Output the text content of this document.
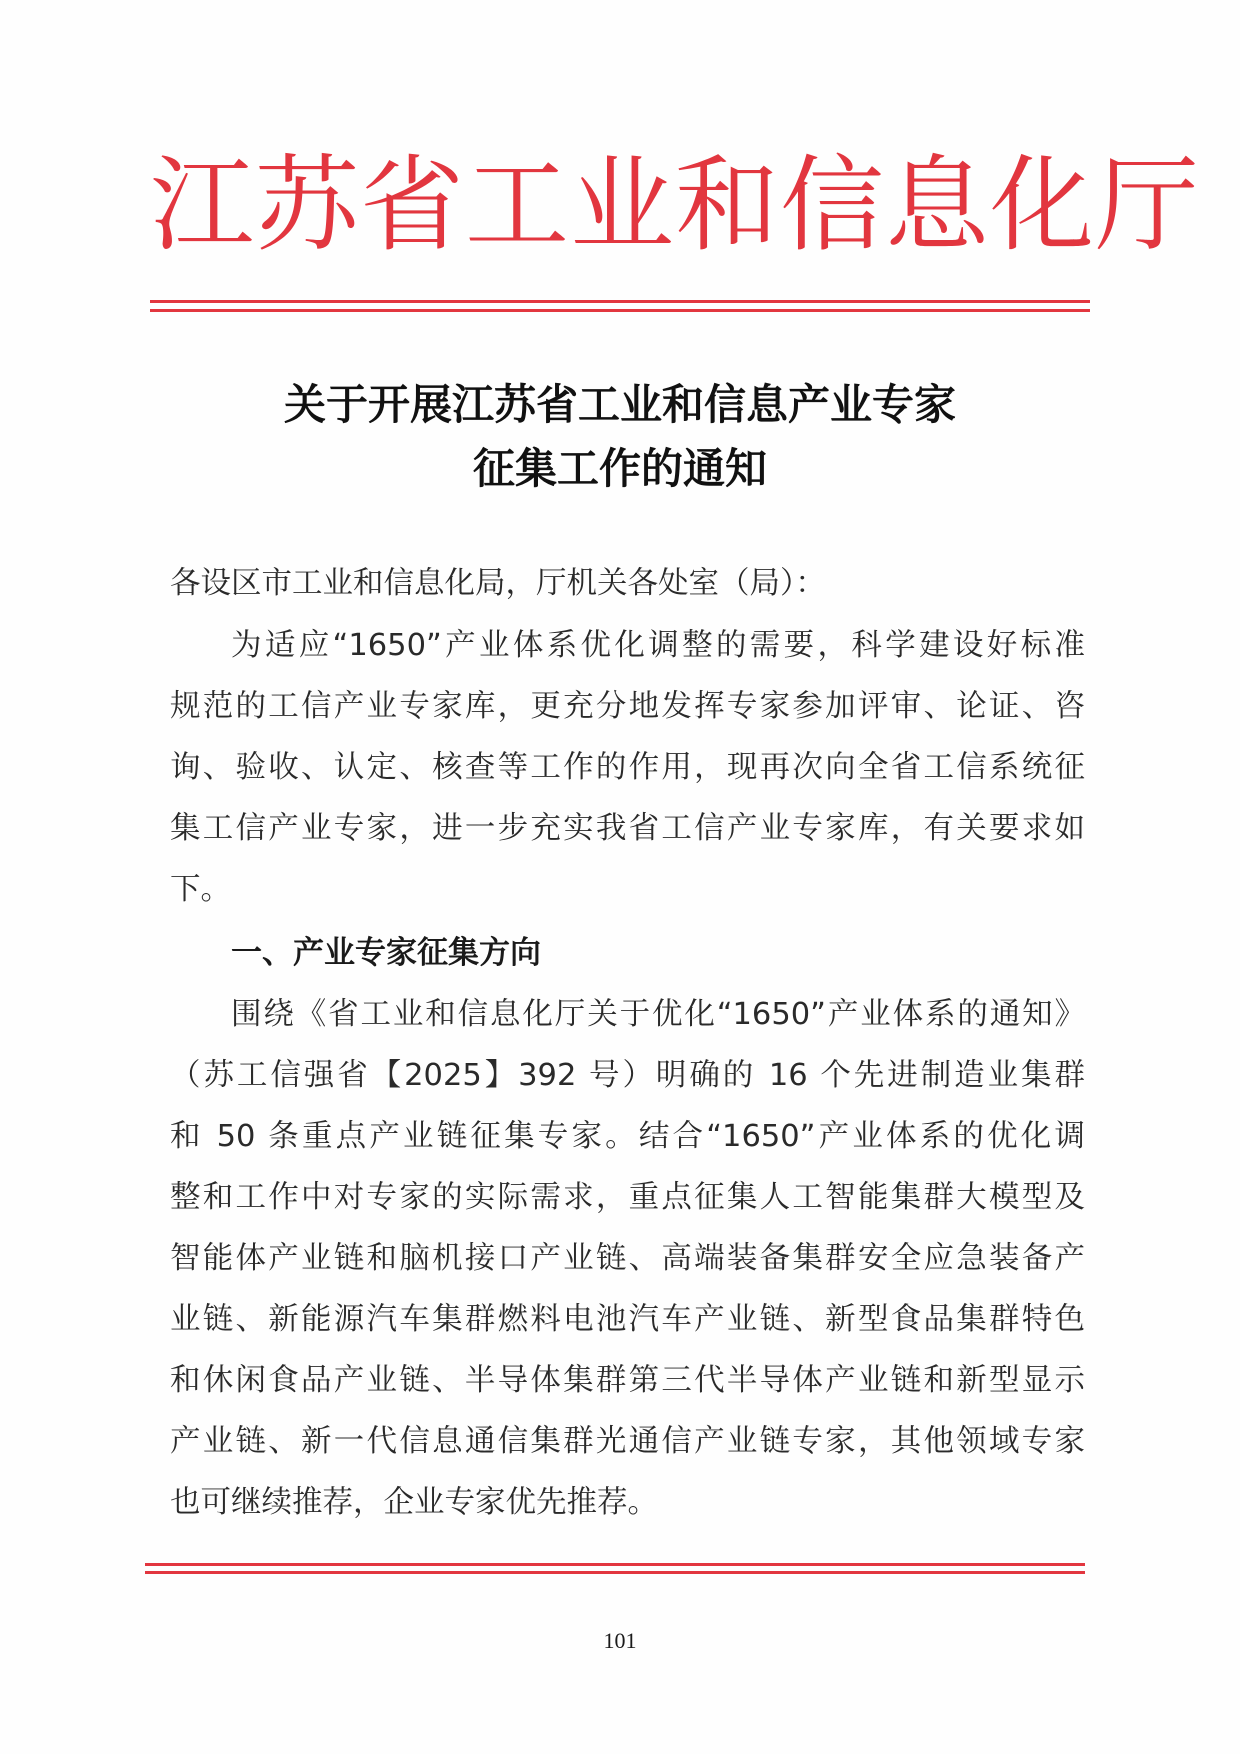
江苏省工业和信息化厅
关于开展江苏省工业和信息产业专家
征集工作的通知
各设区市工业和信息化局，厅机关各处室（局）：
为适应“1650”产业体系优化调整的需要，科学建设好标准
规范的工信产业专家库，更充分地发挥专家参加评审、论证、咨
询、验收、认定、核查等工作的作用，现再次向全省工信系统征
集工信产业专家，进一步充实我省工信产业专家库，有关要求如
下。
一、产业专家征集方向
围绕《省工业和信息化厅关于优化“1650”产业体系的通知》
（苏工信强省【2025】392 号）明确的 16 个先进制造业集群
和 50 条重点产业链征集专家。结合“1650”产业体系的优化调
整和工作中对专家的实际需求，重点征集人工智能集群大模型及
智能体产业链和脑机接口产业链、高端装备集群安全应急装备产
业链、新能源汽车集群燃料电池汽车产业链、新型食品集群特色
和休闲食品产业链、半导体集群第三代半导体产业链和新型显示
产业链、新一代信息通信集群光通信产业链专家，其他领域专家
也可继续推荐，企业专家优先推荐。
101
